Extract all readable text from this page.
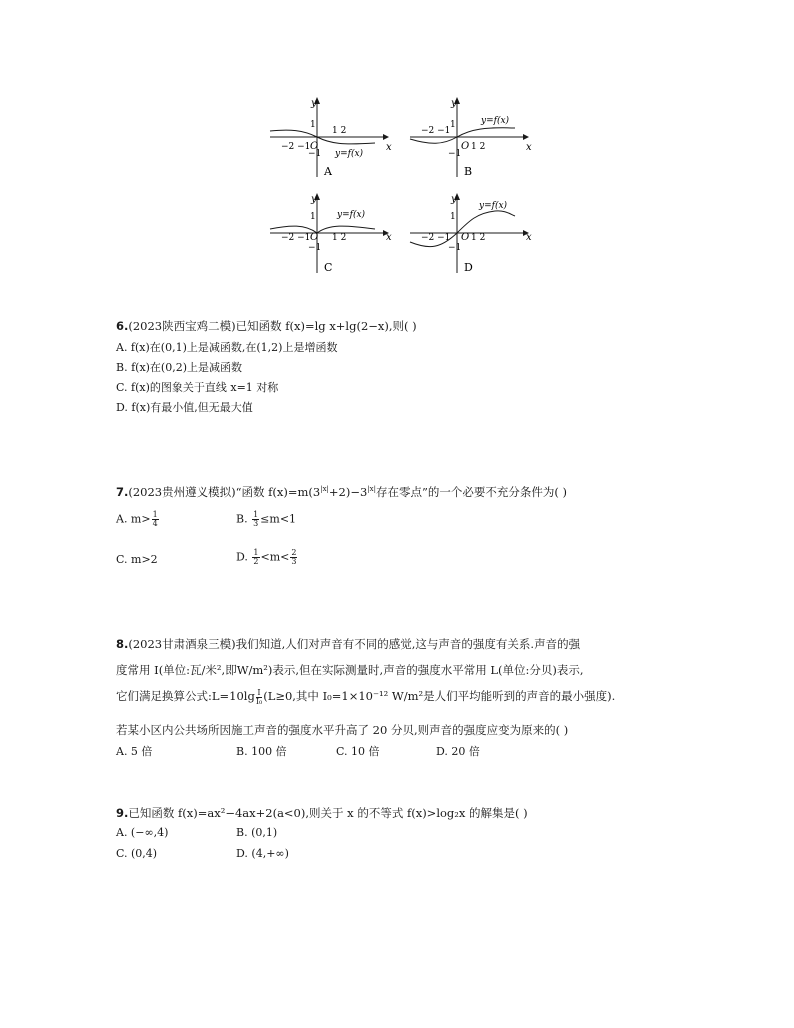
y
x
1
−1
O
−2 −1
1 2
y=f(x)
A
y
x
1
−1
O
−2 −1
1 2
y=f(x)
B
y
x
1
−1
O
−2 −1 1 2
y=f(x)
C
y
x
1
−1
O
−2 −1 1 2
y=f(x)
D
6.(2023陕西宝鸡二模)已知函数 f(x)=lg x+lg(2−x),则( )
A. f(x)在(0,1)上是减函数,在(1,2)上是增函数
B. f(x)在(0,2)上是减函数
C. f(x)的图象关于直线 x=1 对称
D. f(x)有最小值,但无最大值
7.(2023贵州遵义模拟)“函数 $f(x)=m(3^{|x|}+2)-3^{|x|}$存在零点”的一个必要不充分条件为( )
A. $m> \frac{1}{4}$	B. $\frac{1}{3} \le m<1$
C. m>2	D. $\frac{1}{2} <m< \frac{2}{3}$
8.(2023甘肃酒泉三模)我们知道,人们对声音有不同的感觉,这与声音的强度有关系.声音的强
度常用 I(单位:瓦/米²,即W/m²)表示,但在实际测量时,声音的强度水平常用 L(单位:分贝)表示,
它们满足换算公式:L=10lg $\frac{I}{\text{I₀}} (L\ge 0$,其中 I₀=1×10⁻¹² W/m²是人们平均能听到的声音的最小强度).
若某小区内公共场所因施工声音的强度水平升高了 20 分贝,则声音的强度应变为原来的( )
A. 5 倍	B. 100 倍	C. 10 倍	D. 20 倍
9.已知函数 f(x)=ax²−4ax+2(a<0),则关于 x 的不等式 f(x)>log₂x 的解集是( )
A. (−∞,4)	B. (0,1)
C. (0,4)	D. (4,+∞)
